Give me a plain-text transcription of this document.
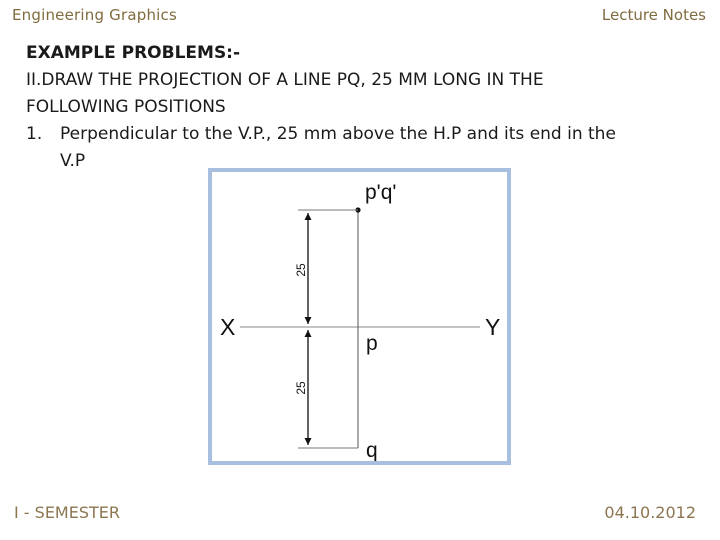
Engineering Graphics	Lecture Notes
EXAMPLE PROBLEMS:-
II.DRAW THE PROJECTION OF A LINE PQ, 25 MM LONG IN THE
FOLLOWING POSITIONS
1. Perpendicular to the V.P., 25 mm above the H.P and its end in the
V.P
25
25
p'q'
X	Y
p
q
I - SEMESTER	04.10.2012
